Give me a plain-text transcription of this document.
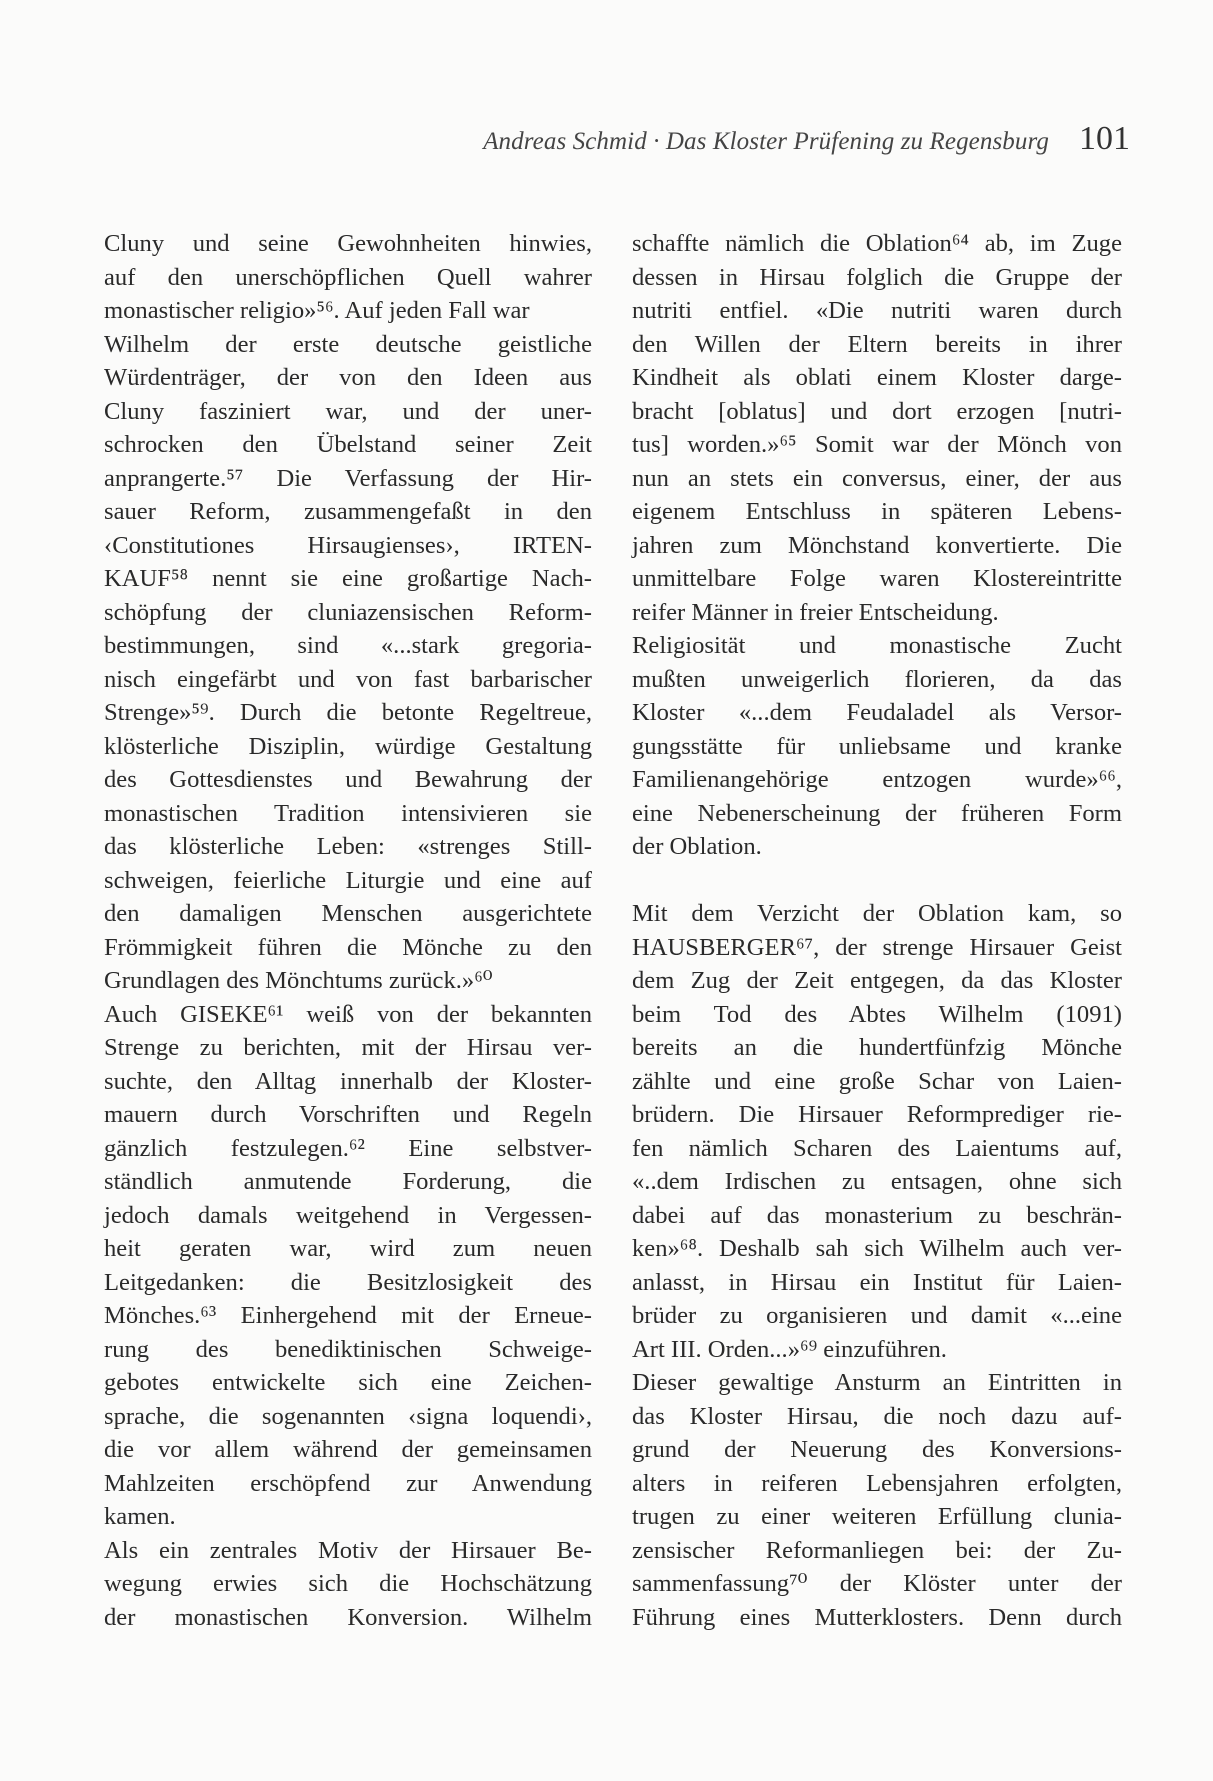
Andreas Schmid · Das Kloster Prüfening zu Regensburg 101
Cluny und seine Gewohnheiten hinwies,
auf den unerschöpflichen Quell wahrer
monastischer religio»⁵⁶. Auf jeden Fall war
Wilhelm der erste deutsche geistliche
Würdenträger, der von den Ideen aus
Cluny fasziniert war, und der uner-
schrocken den Übelstand seiner Zeit
anprangerte.⁵⁷ Die Verfassung der Hir-
sauer Reform, zusammengefaßt in den
‹Constitutiones Hirsaugienses›, IRTEN-
KAUF⁵⁸ nennt sie eine großartige Nach-
schöpfung der cluniazensischen Reform-
bestimmungen, sind «...stark gregoria-
nisch eingefärbt und von fast barbarischer
Strenge»⁵⁹. Durch die betonte Regeltreue,
klösterliche Disziplin, würdige Gestaltung
des Gottesdienstes und Bewahrung der
monastischen Tradition intensivieren sie
das klösterliche Leben: «strenges Still-
schweigen, feierliche Liturgie und eine auf
den damaligen Menschen ausgerichtete
Frömmigkeit führen die Mönche zu den
Grundlagen des Mönchtums zurück.»⁶⁰
Auch GISEKE⁶¹ weiß von der bekannten
Strenge zu berichten, mit der Hirsau ver-
suchte, den Alltag innerhalb der Kloster-
mauern durch Vorschriften und Regeln
gänzlich festzulegen.⁶² Eine selbstver-
ständlich anmutende Forderung, die
jedoch damals weitgehend in Vergessen-
heit geraten war, wird zum neuen
Leitgedanken: die Besitzlosigkeit des
Mönches.⁶³ Einhergehend mit der Erneue-
rung des benediktinischen Schweige-
gebotes entwickelte sich eine Zeichen-
sprache, die sogenannten ‹signa loquendi›,
die vor allem während der gemeinsamen
Mahlzeiten erschöpfend zur Anwendung
kamen.
Als ein zentrales Motiv der Hirsauer Be-
wegung erwies sich die Hochschätzung
der monastischen Konversion. Wilhelm
schaffte nämlich die Oblation⁶⁴ ab, im Zuge
dessen in Hirsau folglich die Gruppe der
nutriti entfiel. «Die nutriti waren durch
den Willen der Eltern bereits in ihrer
Kindheit als oblati einem Kloster darge-
bracht [oblatus] und dort erzogen [nutri-
tus] worden.»⁶⁵ Somit war der Mönch von
nun an stets ein conversus, einer, der aus
eigenem Entschluss in späteren Lebens-
jahren zum Mönchstand konvertierte. Die
unmittelbare Folge waren Klostereintritte
reifer Männer in freier Entscheidung.
Religiosität und monastische Zucht
mußten unweigerlich florieren, da das
Kloster «...dem Feudaladel als Versor-
gungsstätte für unliebsame und kranke
Familienangehörige entzogen wurde»⁶⁶,
eine Nebenerscheinung der früheren Form
der Oblation.
Mit dem Verzicht der Oblation kam, so
HAUSBERGER⁶⁷, der strenge Hirsauer Geist
dem Zug der Zeit entgegen, da das Kloster
beim Tod des Abtes Wilhelm (1091)
bereits an die hundertfünfzig Mönche
zählte und eine große Schar von Laien-
brüdern. Die Hirsauer Reformprediger rie-
fen nämlich Scharen des Laientums auf,
«..dem Irdischen zu entsagen, ohne sich
dabei auf das monasterium zu beschrän-
ken»⁶⁸. Deshalb sah sich Wilhelm auch ver-
anlasst, in Hirsau ein Institut für Laien-
brüder zu organisieren und damit «...eine
Art III. Orden...»⁶⁹ einzuführen.
Dieser gewaltige Ansturm an Eintritten in
das Kloster Hirsau, die noch dazu auf-
grund der Neuerung des Konversions-
alters in reiferen Lebensjahren erfolgten,
trugen zu einer weiteren Erfüllung clunia-
zensischer Reformanliegen bei: der Zu-
sammenfassung⁷⁰ der Klöster unter der
Führung eines Mutterklosters. Denn durch
